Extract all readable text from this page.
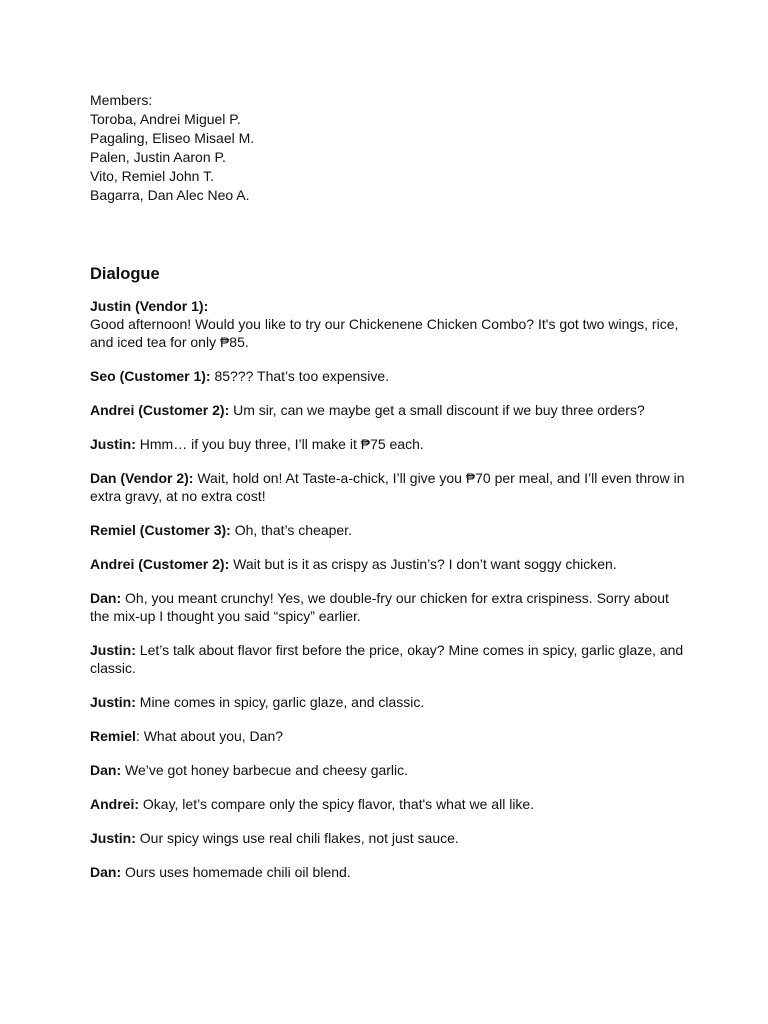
Members:
Toroba, Andrei Miguel P.
Pagaling, Eliseo Misael M.
Palen, Justin Aaron P.
Vito, Remiel John T.
Bagarra, Dan Alec Neo A.
Dialogue
Justin (Vendor 1):
Good afternoon! Would you like to try our Chickenene Chicken Combo? It's got two wings, rice, and iced tea for only ₱85.
Seo (Customer 1): 85??? That’s too expensive.
Andrei (Customer 2): Um sir, can we maybe get a small discount if we buy three orders?
Justin: Hmm… if you buy three, I’ll make it ₱75 each.
Dan (Vendor 2): Wait, hold on! At Taste-a-chick, I’ll give you ₱70 per meal, and I’ll even throw in extra gravy, at no extra cost!
Remiel (Customer 3): Oh, that’s cheaper.
Andrei (Customer 2): Wait but is it as crispy as Justin’s? I don’t want soggy chicken.
Dan: Oh, you meant crunchy! Yes, we double-fry our chicken for extra crispiness. Sorry about the mix-up I thought you said “spicy” earlier.
Justin: Let’s talk about flavor first before the price, okay? Mine comes in spicy, garlic glaze, and classic.
Justin: Mine comes in spicy, garlic glaze, and classic.
Remiel: What about you, Dan?
Dan: We’ve got honey barbecue and cheesy garlic.
Andrei: Okay, let’s compare only the spicy flavor, that's what we all like.
Justin: Our spicy wings use real chili flakes, not just sauce.
Dan: Ours uses homemade chili oil blend.
